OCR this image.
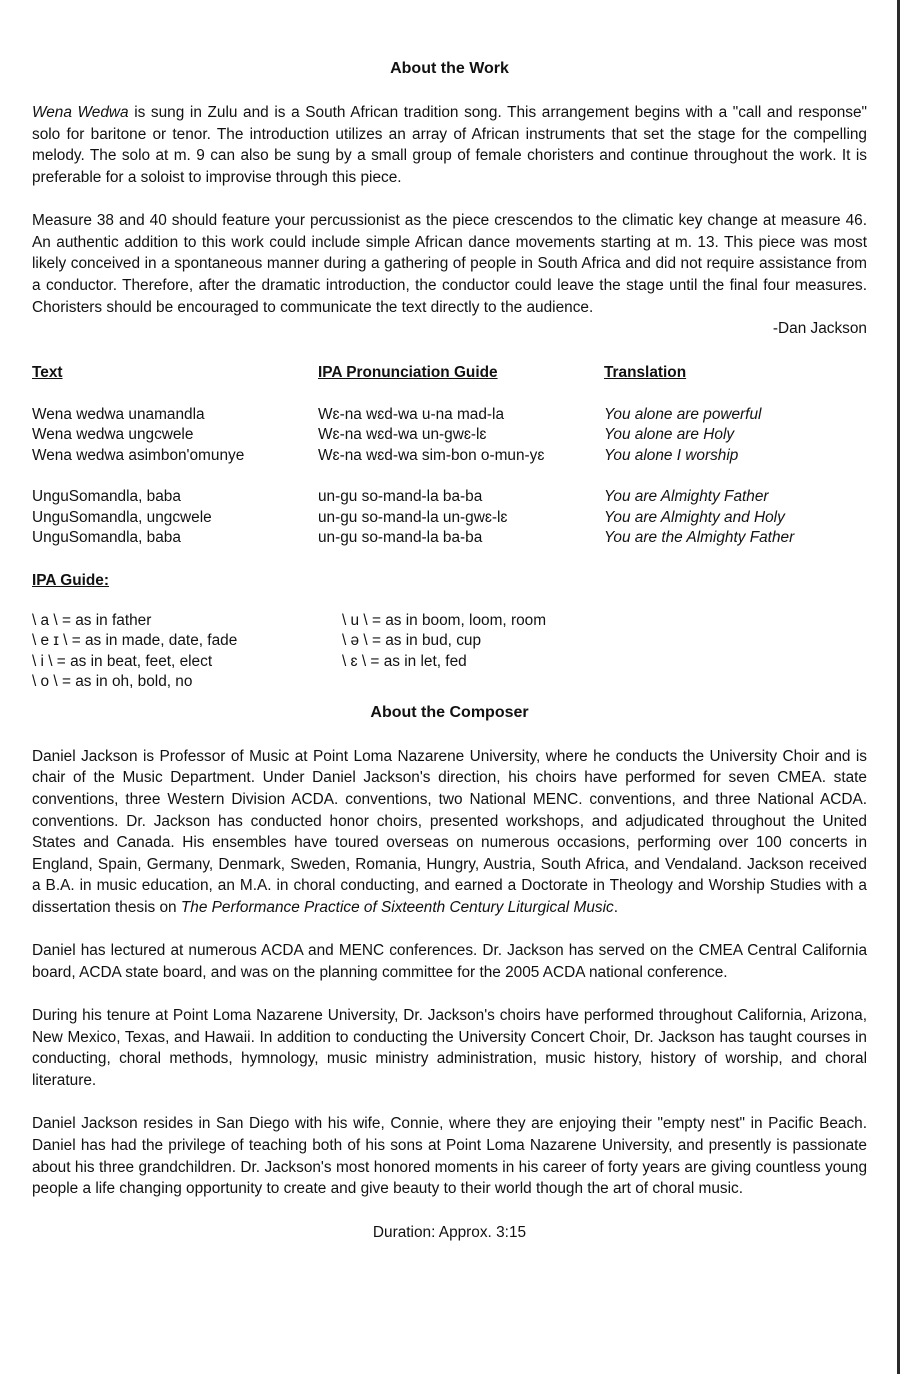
About the Work

Wena Wedwa is sung in Zulu and is a South African tradition song. This arrangement begins with a "call and response" solo for baritone or tenor. The introduction utilizes an array of African instruments that set the stage for the compelling melody. The solo at m. 9 can also be sung by a small group of female choristers and continue throughout the work. It is preferable for a soloist to improvise through this piece.

Measure 38 and 40 should feature your percussionist as the piece crescendos to the climatic key change at measure 46. An authentic addition to this work could include simple African dance movements starting at m. 13. This piece was most likely conceived in a spontaneous manner during a gathering of people in South Africa and did not require assistance from a conductor. Therefore, after the dramatic introduction, the conductor could leave the stage until the final four measures. Choristers should be encouraged to communicate the text directly to the audience.

-Dan Jackson
Text	IPA Pronunciation Guide	Translation
Wena wedwa unamandla
Wena wedwa ungcwele
Wena wedwa asimbon'omunye
Wɛ-na wɛd-wa u-na mad-la
Wɛ-na wɛd-wa un-gwɛ-lɛ
Wɛ-na wɛd-wa sim-bon o-mun-yɛ
You alone are powerful
You alone are Holy
You alone I worship
UnguSomandla, baba
UnguSomandla, ungcwele
UnguSomandla, baba
un-gu so-mand-la ba-ba
un-gu so-mand-la un-gwɛ-lɛ
un-gu so-mand-la ba-ba
You are Almighty Father
You are Almighty and Holy
You are the Almighty Father
IPA Guide:
\ a \ = as in father
\ e ɪ \ = as in made, date, fade
\ i \ = as in beat, feet, elect
\ o \ = as in oh, bold, no
\ u \ = as in boom, loom, room
\ ə \ = as in bud, cup
\ ɛ \ = as in let, fed
About the Composer

Daniel Jackson is Professor of Music at Point Loma Nazarene University, where he conducts the University Choir and is chair of the Music Department. Under Daniel Jackson's direction, his choirs have performed for seven CMEA. state conventions, three Western Division ACDA. conventions, two National MENC. conventions, and three National ACDA. conventions. Dr. Jackson has conducted honor choirs, presented workshops, and adjudicated throughout the United States and Canada. His ensembles have toured overseas on numerous occasions, performing over 100 concerts in England, Spain, Germany, Denmark, Sweden, Romania, Hungry, Austria, South Africa, and Vendaland. Jackson received a B.A. in music education, an M.A. in choral conducting, and earned a Doctorate in Theology and Worship Studies with a dissertation thesis on The Performance Practice of Sixteenth Century Liturgical Music.

Daniel has lectured at numerous ACDA and MENC conferences. Dr. Jackson has served on the CMEA Central California board, ACDA state board, and was on the planning committee for the 2005 ACDA national conference.

During his tenure at Point Loma Nazarene University, Dr. Jackson's choirs have performed throughout California, Arizona, New Mexico, Texas, and Hawaii. In addition to conducting the University Concert Choir, Dr. Jackson has taught courses in conducting, choral methods, hymnology, music ministry administration, music history, history of worship, and choral literature.

Daniel Jackson resides in San Diego with his wife, Connie, where they are enjoying their "empty nest" in Pacific Beach. Daniel has had the privilege of teaching both of his sons at Point Loma Nazarene University, and presently is passionate about his three grandchildren. Dr. Jackson's most honored moments in his career of forty years are giving countless young people a life changing opportunity to create and give beauty to their world though the art of choral music.

Duration: Approx. 3:15
